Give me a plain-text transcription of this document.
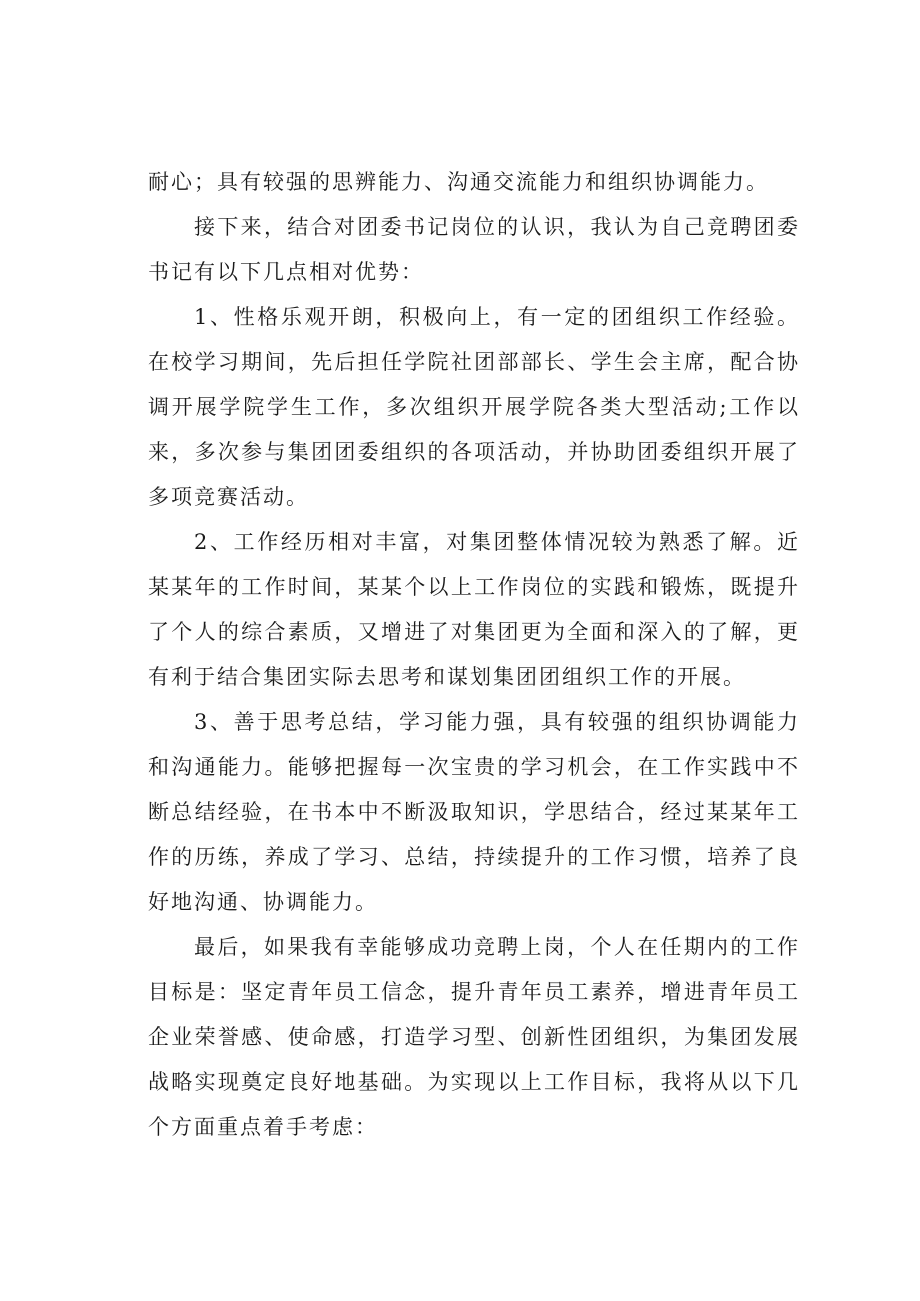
耐心；具有较强的思辨能力、沟通交流能力和组织协调能力。

接下来，结合对团委书记岗位的认识，我认为自己竞聘团委书记有以下几点相对优势：

1、性格乐观开朗，积极向上，有一定的团组织工作经验。在校学习期间，先后担任学院社团部部长、学生会主席，配合协调开展学院学生工作，多次组织开展学院各类大型活动;工作以来，多次参与集团团委组织的各项活动，并协助团委组织开展了多项竞赛活动。

2、工作经历相对丰富，对集团整体情况较为熟悉了解。近某某年的工作时间，某某个以上工作岗位的实践和锻炼，既提升了个人的综合素质，又增进了对集团更为全面和深入的了解，更有利于结合集团实际去思考和谋划集团团组织工作的开展。

3、善于思考总结，学习能力强，具有较强的组织协调能力和沟通能力。能够把握每一次宝贵的学习机会，在工作实践中不断总结经验，在书本中不断汲取知识，学思结合，经过某某年工作的历练，养成了学习、总结，持续提升的工作习惯，培养了良好地沟通、协调能力。

最后，如果我有幸能够成功竞聘上岗，个人在任期内的工作目标是：坚定青年员工信念，提升青年员工素养，增进青年员工企业荣誉感、使命感，打造学习型、创新性团组织，为集团发展战略实现奠定良好地基础。为实现以上工作目标，我将从以下几个方面重点着手考虑：
